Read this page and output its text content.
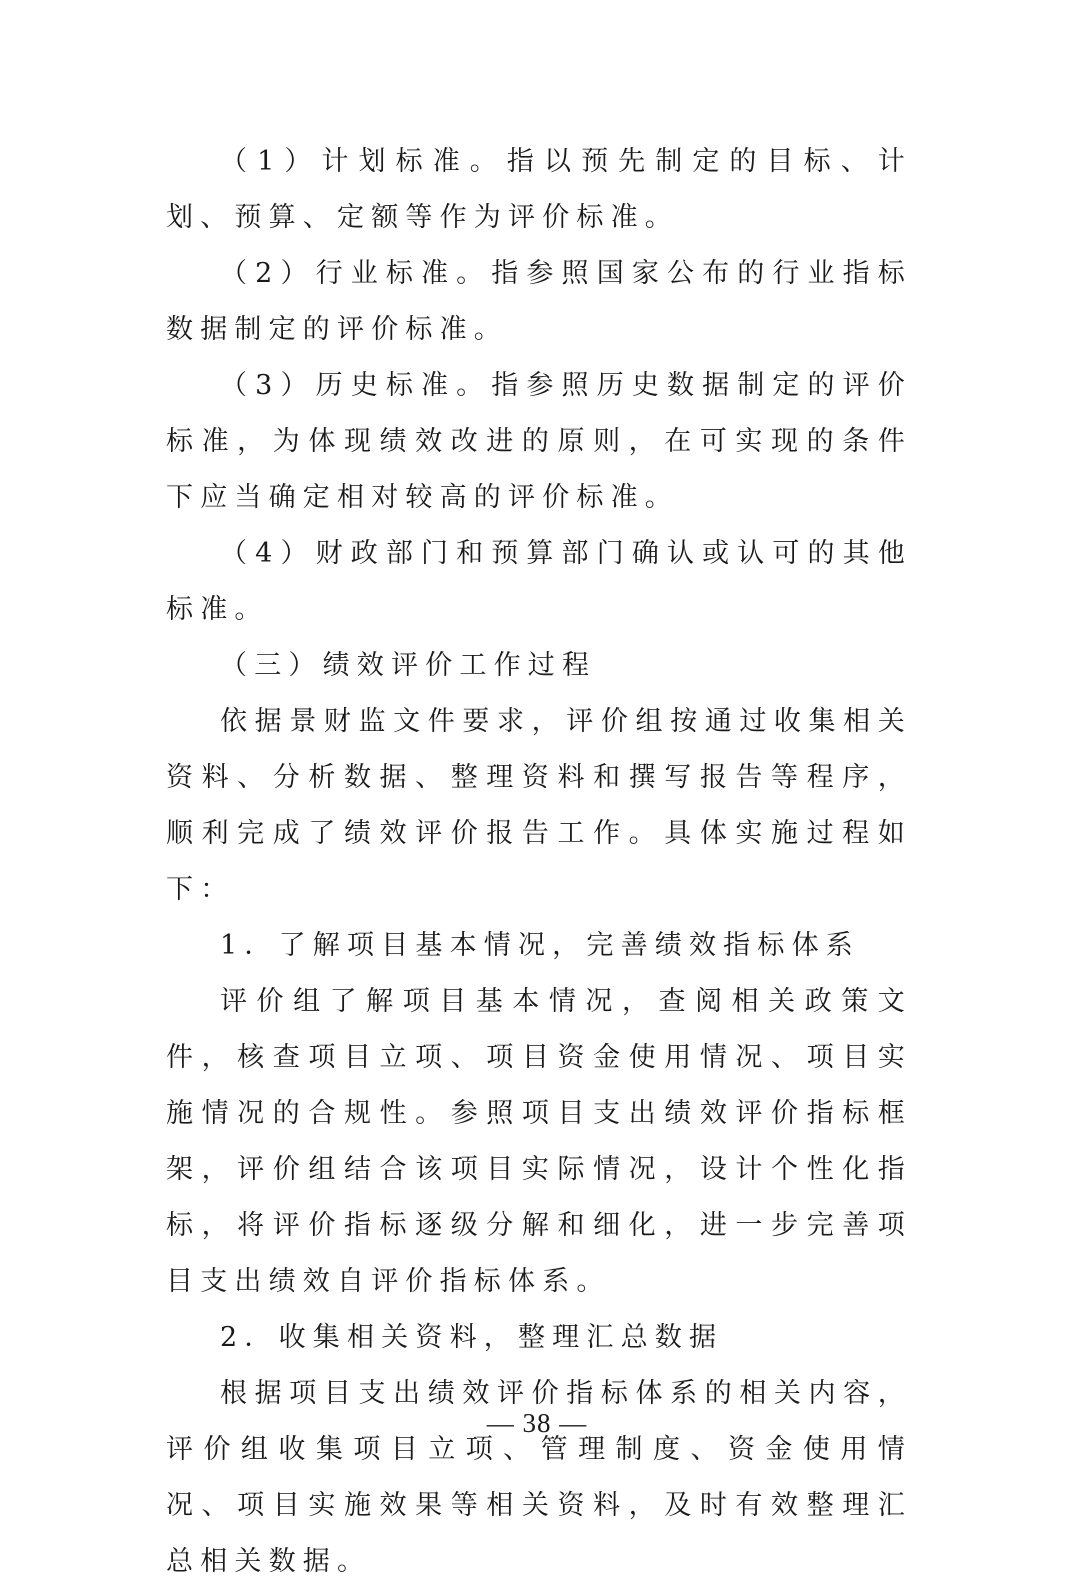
（1）计划标准。指以预先制定的目标、计划、预算、定额等作为评价标准。

（2）行业标准。指参照国家公布的行业指标数据制定的评价标准。

（3）历史标准。指参照历史数据制定的评价标准，为体现绩效改进的原则，在可实现的条件下应当确定相对较高的评价标准。

（4）财政部门和预算部门确认或认可的其他标准。

（三）绩效评价工作过程

依据景财监文件要求，评价组按通过收集相关资料、分析数据、整理资料和撰写报告等程序，顺利完成了绩效评价报告工作。具体实施过程如下：

1．了解项目基本情况，完善绩效指标体系

评价组了解项目基本情况，查阅相关政策文件，核查项目立项、项目资金使用情况、项目实施情况的合规性。参照项目支出绩效评价指标框架，评价组结合该项目实际情况，设计个性化指标，将评价指标逐级分解和细化，进一步完善项目支出绩效自评价指标体系。

2．收集相关资料，整理汇总数据

根据项目支出绩效评价指标体系的相关内容，评价组收集项目立项、管理制度、资金使用情况、项目实施效果等相关资料，及时有效整理汇总相关数据。

— 38 —
